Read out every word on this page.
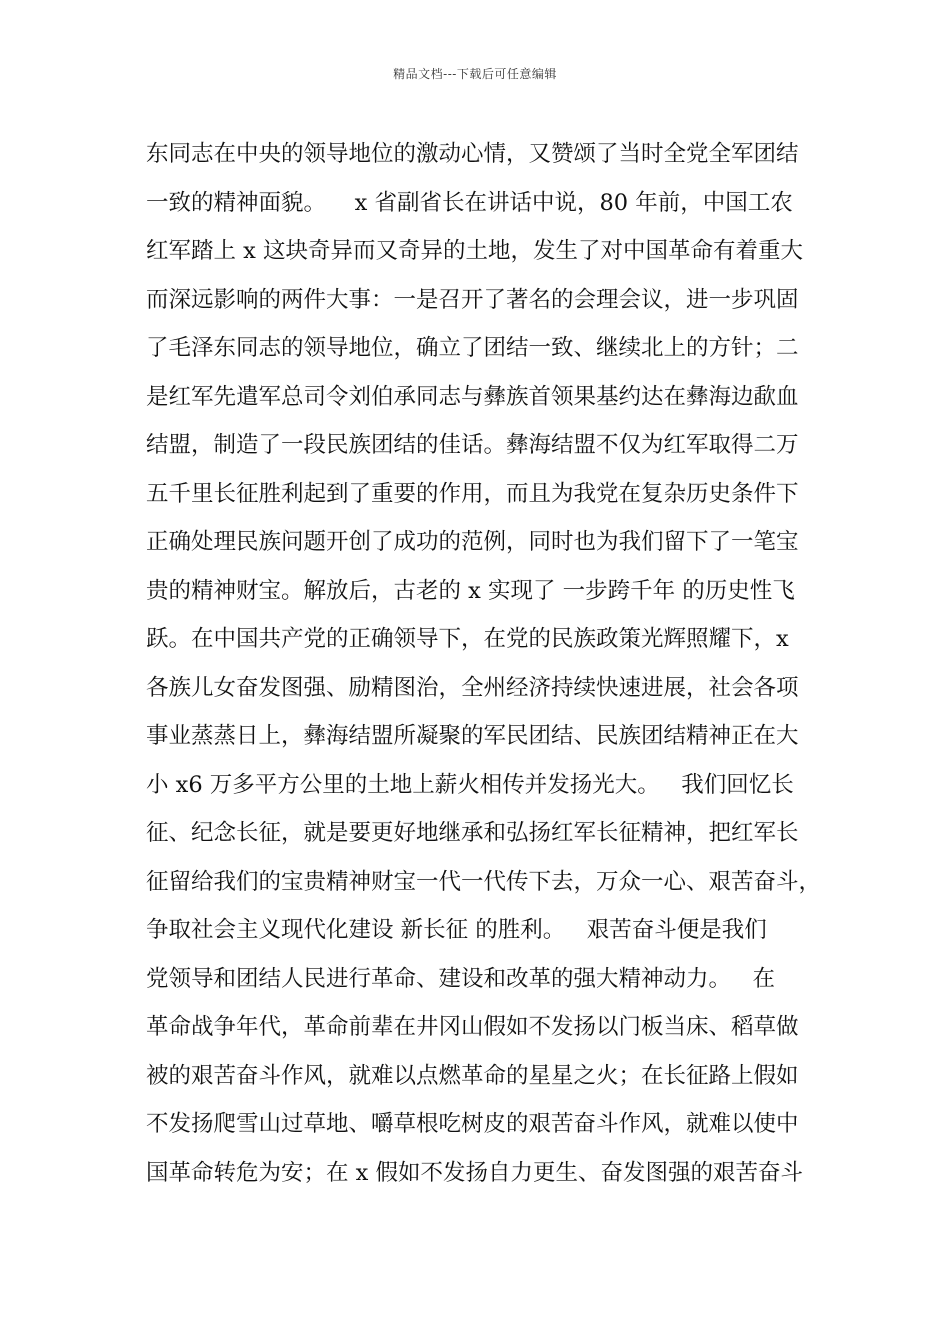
精品文档---下载后可任意编辑
东同志在中央的领导地位的激动心情，又赞颂了当时全党全军团结
一致的精神面貌。    x 省副省长在讲话中说，80 年前，中国工农
红军踏上 x 这块奇异而又奇异的土地，发生了对中国革命有着重大
而深远影响的两件大事：一是召开了著名的会理会议，进一步巩固
了毛泽东同志的领导地位，确立了团结一致、继续北上的方针；二
是红军先遣军总司令刘伯承同志与彝族首领果基约达在彝海边歃血
结盟，制造了一段民族团结的佳话。彝海结盟不仅为红军取得二万
五千里长征胜利起到了重要的作用，而且为我党在复杂历史条件下
正确处理民族问题开创了成功的范例，同时也为我们留下了一笔宝
贵的精神财宝。解放后，古老的 x 实现了 一步跨千年 的历史性飞
跃。在中国共产党的正确领导下，在党的民族政策光辉照耀下，x
各族儿女奋发图强、励精图治，全州经济持续快速进展，社会各项
事业蒸蒸日上，彝海结盟所凝聚的军民团结、民族团结精神正在大
小 x6 万多平方公里的土地上薪火相传并发扬光大。   我们回忆长
征、纪念长征，就是要更好地继承和弘扬红军长征精神，把红军长
征留给我们的宝贵精神财宝一代一代传下去，万众一心、艰苦奋斗，
争取社会主义现代化建设 新长征 的胜利。   艰苦奋斗便是我们
党领导和团结人民进行革命、建设和改革的强大精神动力。   在
革命战争年代，革命前辈在井冈山假如不发扬以门板当床、稻草做
被的艰苦奋斗作风，就难以点燃革命的星星之火；在长征路上假如
不发扬爬雪山过草地、嚼草根吃树皮的艰苦奋斗作风，就难以使中
国革命转危为安；在 x 假如不发扬自力更生、奋发图强的艰苦奋斗
